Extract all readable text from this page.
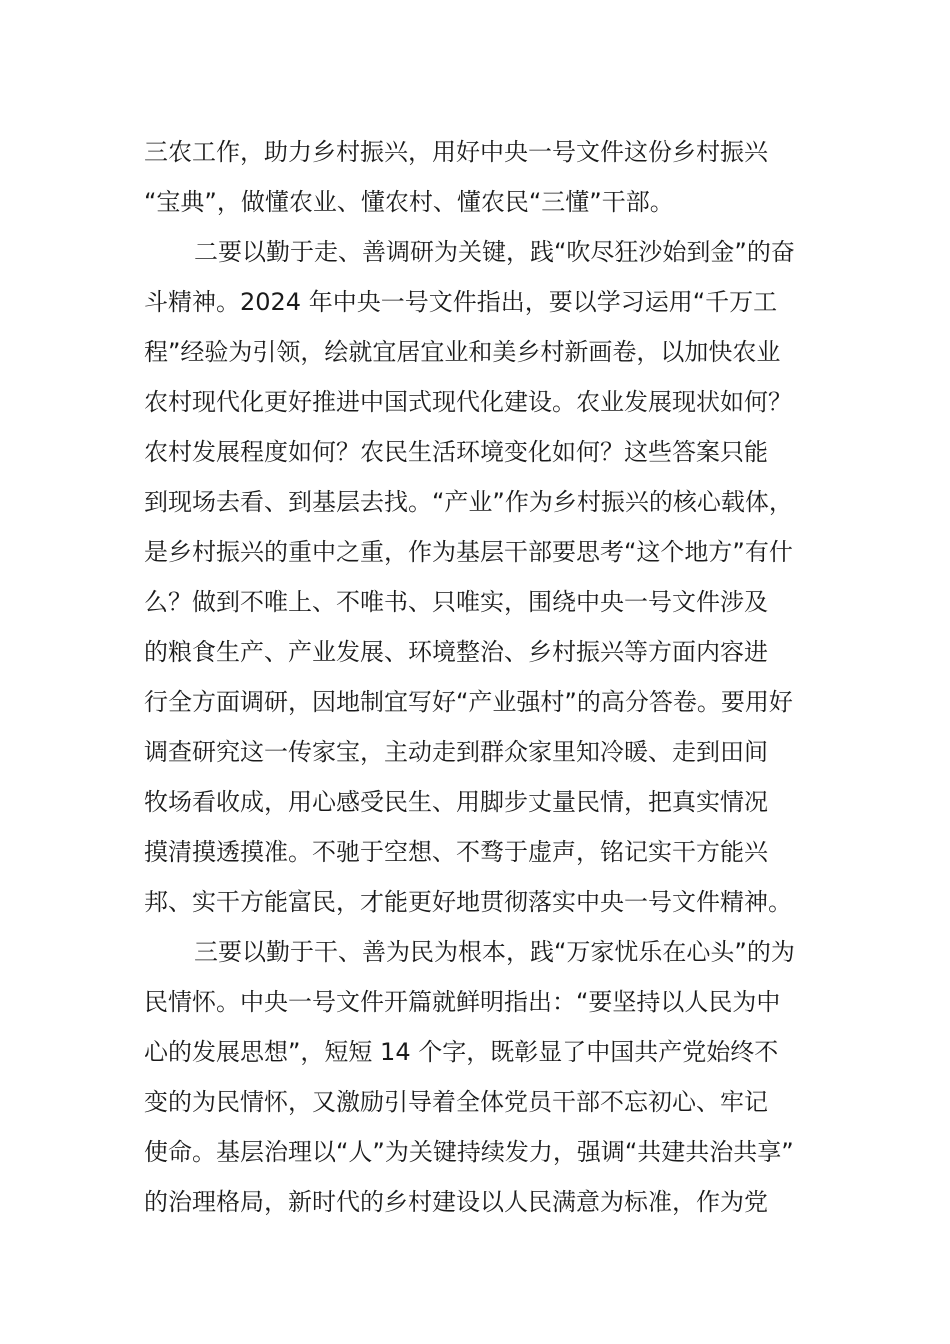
三农工作，助力乡村振兴，用好中央一号文件这份乡村振兴
“宝典”，做懂农业、懂农村、懂农民“三懂”干部。
二要以勤于走、善调研为关键，践“吹尽狂沙始到金”的奋
斗精神。2024 年中央一号文件指出，要以学习运用“千万工
程”经验为引领，绘就宜居宜业和美乡村新画卷，以加快农业
农村现代化更好推进中国式现代化建设。农业发展现状如何？
农村发展程度如何？农民生活环境变化如何？这些答案只能
到现场去看、到基层去找。“产业”作为乡村振兴的核心载体，
是乡村振兴的重中之重，作为基层干部要思考“这个地方”有什
么？做到不唯上、不唯书、只唯实，围绕中央一号文件涉及
的粮食生产、产业发展、环境整治、乡村振兴等方面内容进
行全方面调研，因地制宜写好“产业强村”的高分答卷。要用好
调查研究这一传家宝，主动走到群众家里知冷暖、走到田间
牧场看收成，用心感受民生、用脚步丈量民情，把真实情况
摸清摸透摸准。不驰于空想、不骛于虚声，铭记实干方能兴
邦、实干方能富民，才能更好地贯彻落实中央一号文件精神。
三要以勤于干、善为民为根本，践“万家忧乐在心头”的为
民情怀。中央一号文件开篇就鲜明指出：“要坚持以人民为中
心的发展思想”，短短 14 个字，既彰显了中国共产党始终不
变的为民情怀，又激励引导着全体党员干部不忘初心、牢记
使命。基层治理以“人”为关键持续发力，强调“共建共治共享”
的治理格局，新时代的乡村建设以人民满意为标准，作为党
